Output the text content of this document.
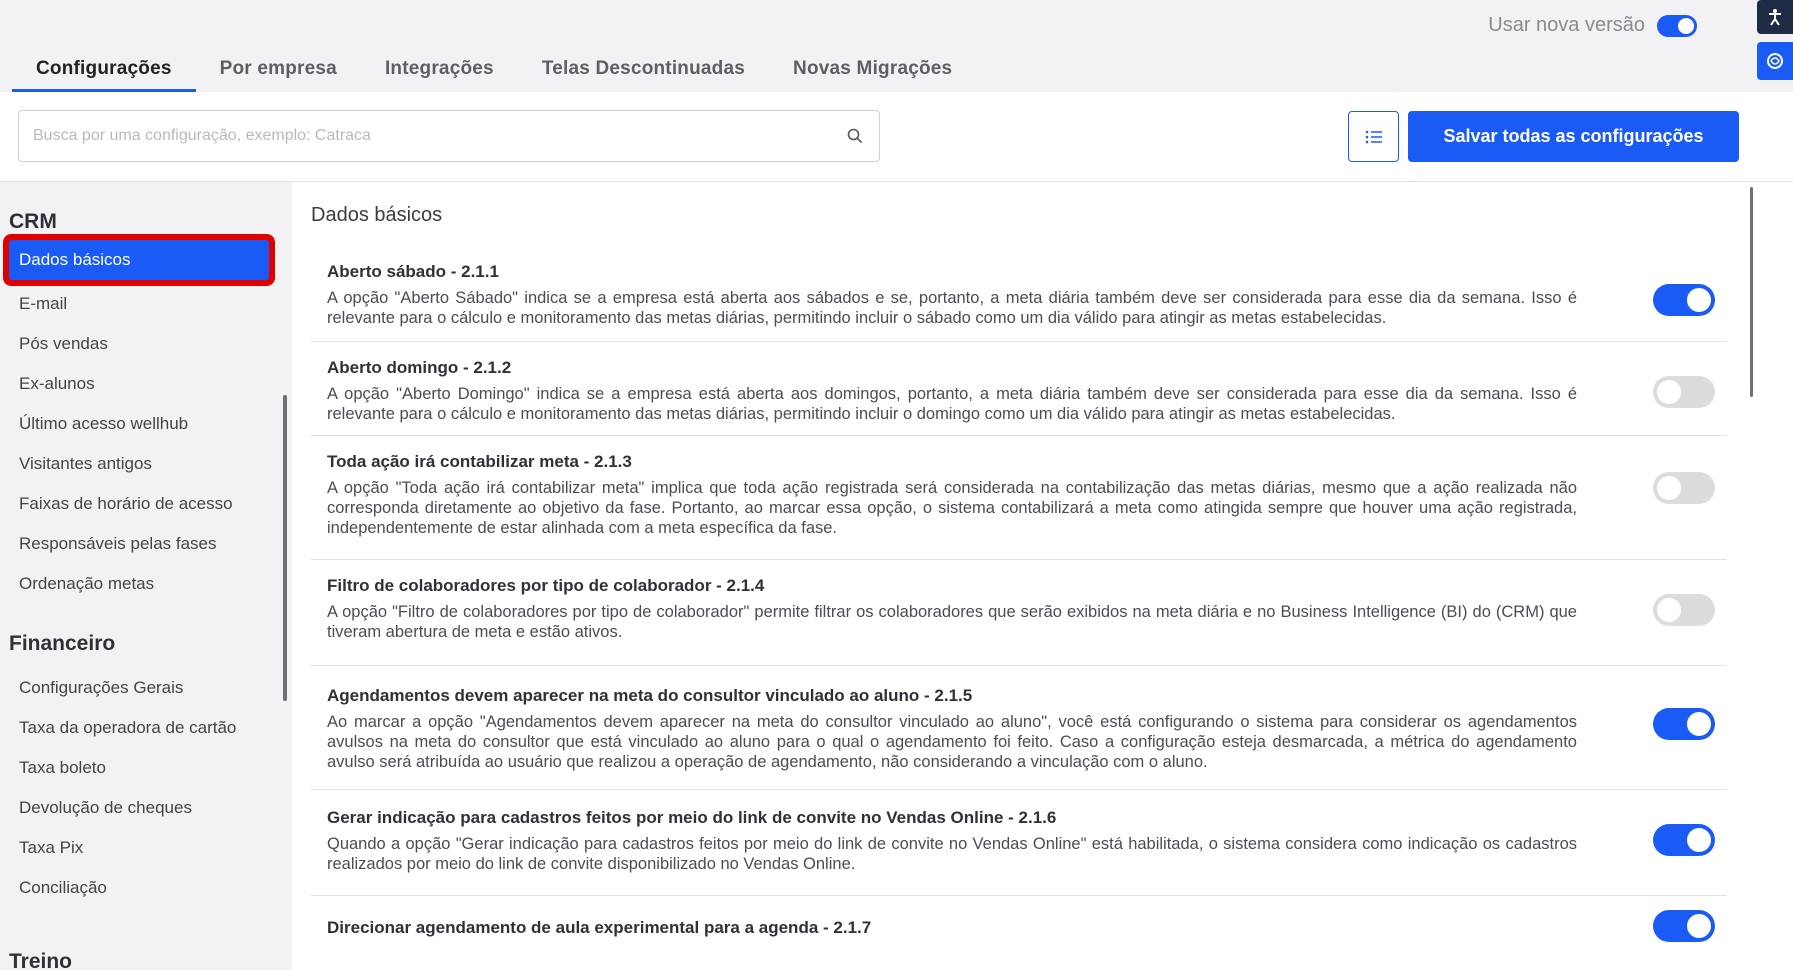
Usar nova versão
Configurações	Por empresa	Integrações	Telas Descontinuadas	Novas Migrações
Busca por uma configuração, exemplo: Catraca
Salvar todas as configurações
CRM
Dados básicos
E-mail
Pós vendas
Ex-alunos
Último acesso wellhub
Visitantes antigos
Faixas de horário de acesso
Responsáveis pelas fases
Ordenação metas
Financeiro
Configurações Gerais
Taxa da operadora de cartão
Taxa boleto
Devolução de cheques
Taxa Pix
Conciliação
Treino
Dados básicos
Aberto sábado - 2.1.1
A opção "Aberto Sábado" indica se a empresa está aberta aos sábados e se, portanto, a meta diária também deve ser considerada para esse dia da semana. Isso é relevante para o cálculo e monitoramento das metas diárias, permitindo incluir o sábado como um dia válido para atingir as metas estabelecidas.
Aberto domingo - 2.1.2
A opção "Aberto Domingo" indica se a empresa está aberta aos domingos, portanto, a meta diária também deve ser considerada para esse dia da semana. Isso é relevante para o cálculo e monitoramento das metas diárias, permitindo incluir o domingo como um dia válido para atingir as metas estabelecidas.
Toda ação irá contabilizar meta - 2.1.3
A opção "Toda ação irá contabilizar meta" implica que toda ação registrada será considerada na contabilização das metas diárias, mesmo que a ação realizada não corresponda diretamente ao objetivo da fase. Portanto, ao marcar essa opção, o sistema contabilizará a meta como atingida sempre que houver uma ação registrada, independentemente de estar alinhada com a meta específica da fase.
Filtro de colaboradores por tipo de colaborador - 2.1.4
A opção "Filtro de colaboradores por tipo de colaborador" permite filtrar os colaboradores que serão exibidos na meta diária e no Business Intelligence (BI) do (CRM) que tiveram abertura de meta e estão ativos.
Agendamentos devem aparecer na meta do consultor vinculado ao aluno - 2.1.5
Ao marcar a opção "Agendamentos devem aparecer na meta do consultor vinculado ao aluno", você está configurando o sistema para considerar os agendamentos avulsos na meta do consultor que está vinculado ao aluno para o qual o agendamento foi feito. Caso a configuração esteja desmarcada, a métrica do agendamento avulso será atribuída ao usuário que realizou a operação de agendamento, não considerando a vinculação com o aluno.
Gerar indicação para cadastros feitos por meio do link de convite no Vendas Online - 2.1.6
Quando a opção "Gerar indicação para cadastros feitos por meio do link de convite no Vendas Online" está habilitada, o sistema considera como indicação os cadastros realizados por meio do link de convite disponibilizado no Vendas Online.
Direcionar agendamento de aula experimental para a agenda - 2.1.7
